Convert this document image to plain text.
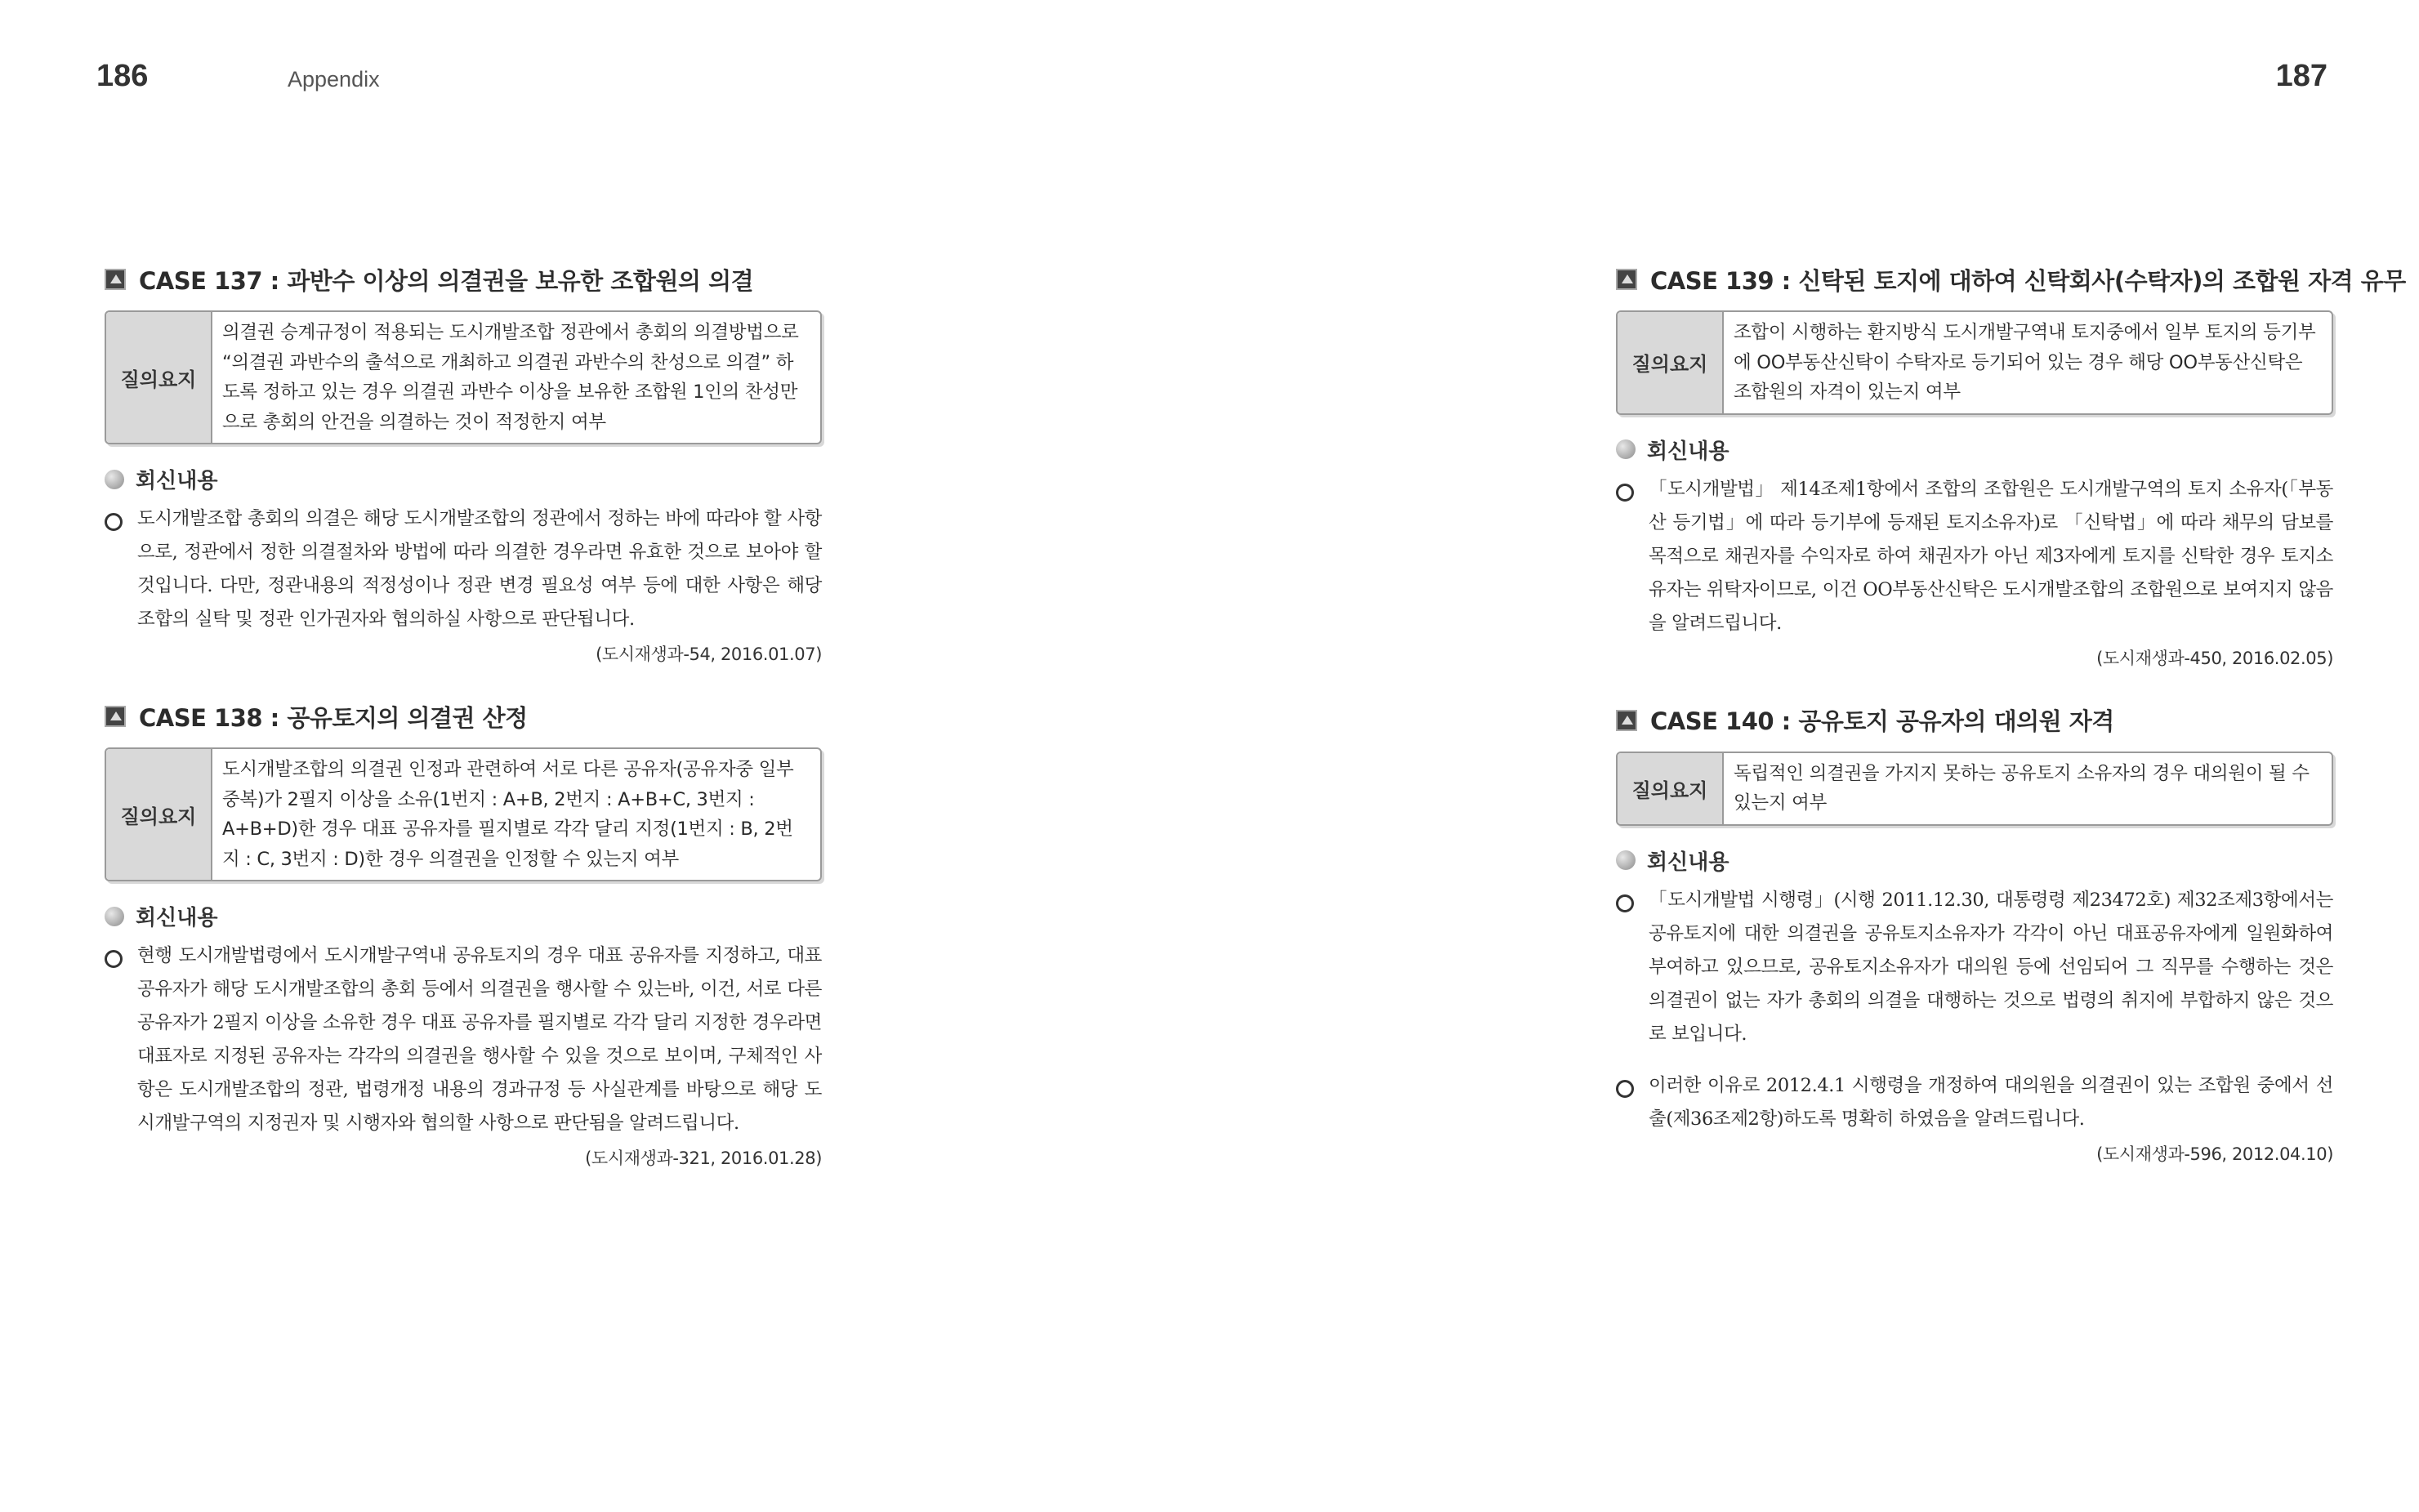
186	Appendix	187
CASE 137 : 과반수 이상의 의결권을 보유한 조합원의 의결
질의요지
의결권 승계규정이 적용되는 도시개발조합 정관에서 총회의 의결방법으로 “의결권 과반수의 출석으로 개최하고 의결권 과반수의 찬성으로 의결” 하도록 정하고 있는 경우 의결권 과반수 이상을 보유한 조합원 1인의 찬성만으로 총회의 안건을 의결하는 것이 적정한지 여부
회신내용
도시개발조합 총회의 의결은 해당 도시개발조합의 정관에서 정하는 바에 따라야 할 사항으로, 정관에서 정한 의결절차와 방법에 따라 의결한 경우라면 유효한 것으로 보아야 할 것입니다. 다만, 정관내용의 적정성이나 정관 변경 필요성 여부 등에 대한 사항은 해당 조합의 실탁 및 정관 인가권자와 협의하실 사항으로 판단됩니다.
(도시재생과-54, 2016.01.07)
CASE 138 : 공유토지의 의결권 산정
질의요지
도시개발조합의 의결권 인정과 관련하여 서로 다른 공유자(공유자중 일부 중복)가 2필지 이상을 소유(1번지 : A+B, 2번지 : A+B+C, 3번지 : A+B+D)한 경우 대표 공유자를 필지별로 각각 달리 지정(1번지 : B, 2번지 : C, 3번지 : D)한 경우 의결권을 인정할 수 있는지 여부
회신내용
현행 도시개발법령에서 도시개발구역내 공유토지의 경우 대표 공유자를 지정하고, 대표 공유자가 해당 도시개발조합의 총회 등에서 의결권을 행사할 수 있는바, 이건, 서로 다른 공유자가 2필지 이상을 소유한 경우 대표 공유자를 필지별로 각각 달리 지정한 경우라면 대표자로 지정된 공유자는 각각의 의결권을 행사할 수 있을 것으로 보이며, 구체적인 사항은 도시개발조합의 정관, 법령개정 내용의 경과규정 등 사실관계를 바탕으로 해당 도시개발구역의 지정권자 및 시행자와 협의할 사항으로 판단됨을 알려드립니다.
(도시재생과-321, 2016.01.28)
CASE 139 : 신탁된 토지에 대하여 신탁회사(수탁자)의 조합원 자격 유무
질의요지
조합이 시행하는 환지방식 도시개발구역내 토지중에서 일부 토지의 등기부에 OO부동산신탁이 수탁자로 등기되어 있는 경우 해당 OO부동산신탁은 조합원의 자격이 있는지 여부
회신내용
「도시개발법」 제14조제1항에서 조합의 조합원은 도시개발구역의 토지 소유자(「부동산 등기법」에 따라 등기부에 등재된 토지소유자)로 「신탁법」에 따라 채무의 담보를 목적으로 채권자를 수익자로 하여 채권자가 아닌 제3자에게 토지를 신탁한 경우 토지소유자는 위탁자이므로, 이건 OO부동산신탁은 도시개발조합의 조합원으로 보여지지 않음을 알려드립니다.
(도시재생과-450, 2016.02.05)
CASE 140 : 공유토지 공유자의 대의원 자격
질의요지
독립적인 의결권을 가지지 못하는 공유토지 소유자의 경우 대의원이 될 수 있는지 여부
회신내용
「도시개발법 시행령」(시행 2011.12.30, 대통령령 제23472호) 제32조제3항에서는 공유토지에 대한 의결권을 공유토지소유자가 각각이 아닌 대표공유자에게 일원화하여 부여하고 있으므로, 공유토지소유자가 대의원 등에 선임되어 그 직무를 수행하는 것은 의결권이 없는 자가 총회의 의결을 대행하는 것으로 법령의 취지에 부합하지 않은 것으로 보입니다.
이러한 이유로 2012.4.1 시행령을 개정하여 대의원을 의결권이 있는 조합원 중에서 선출(제36조제2항)하도록 명확히 하였음을 알려드립니다.
(도시재생과-596, 2012.04.10)
